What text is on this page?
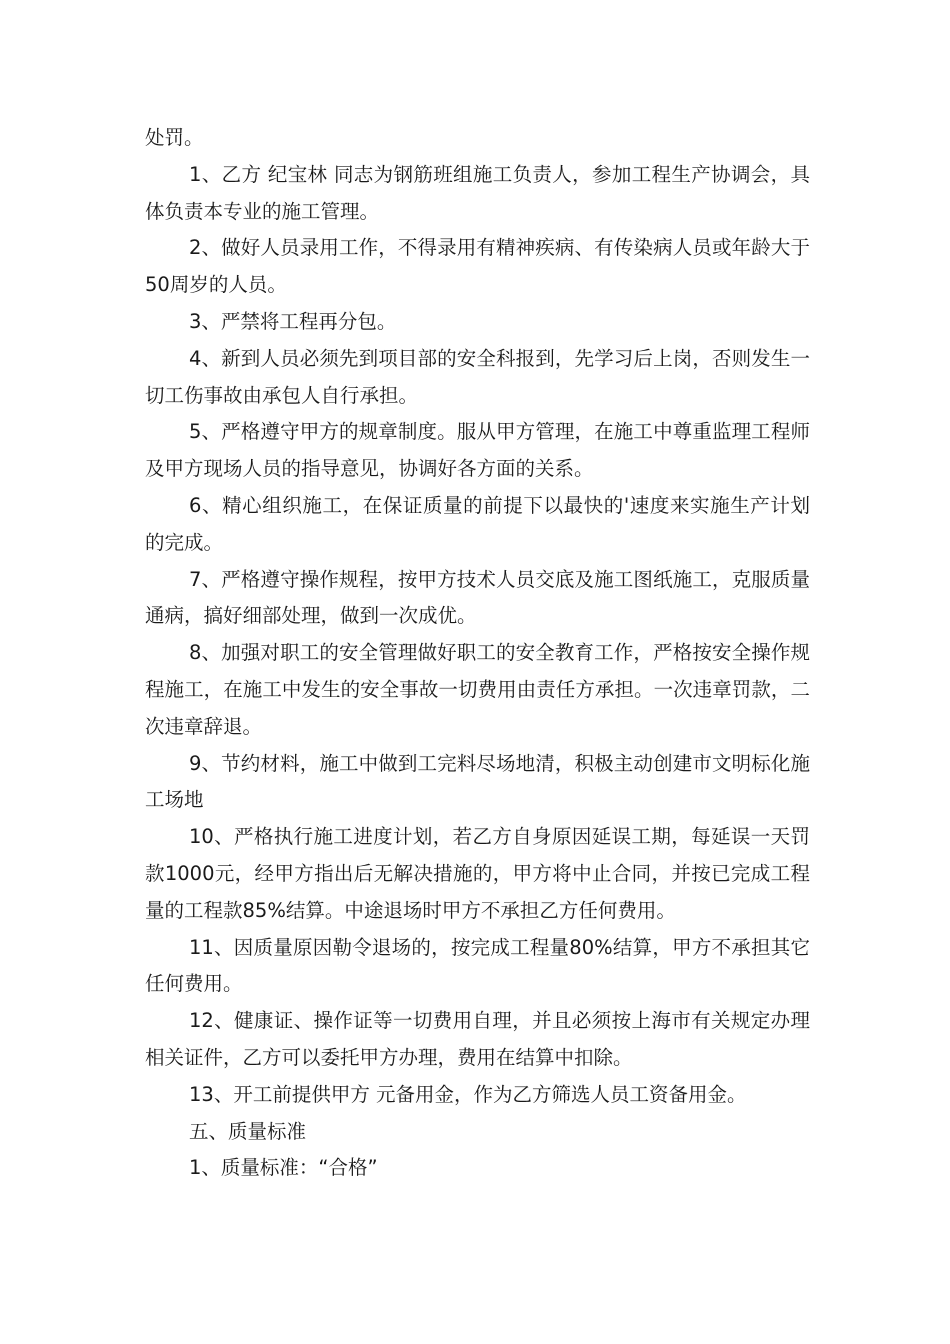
处罚。

1、乙方 纪宝林 同志为钢筋班组施工负责人，参加工程生产协调会，具体负责本专业的施工管理。

2、做好人员录用工作，不得录用有精神疾病、有传染病人员或年龄大于50周岁的人员。

3、严禁将工程再分包。

4、新到人员必须先到项目部的安全科报到，先学习后上岗，否则发生一切工伤事故由承包人自行承担。

5、严格遵守甲方的规章制度。服从甲方管理，在施工中尊重监理工程师及甲方现场人员的指导意见，协调好各方面的关系。

6、精心组织施工，在保证质量的前提下以最快的'速度来实施生产计划的完成。

7、严格遵守操作规程，按甲方技术人员交底及施工图纸施工，克服质量通病，搞好细部处理，做到一次成优。

8、加强对职工的安全管理做好职工的安全教育工作，严格按安全操作规程施工，在施工中发生的安全事故一切费用由责任方承担。一次违章罚款，二次违章辞退。

9、节约材料，施工中做到工完料尽场地清，积极主动创建市文明标化施工场地

10、严格执行施工进度计划，若乙方自身原因延误工期，每延误一天罚款1000元，经甲方指出后无解决措施的，甲方将中止合同，并按已完成工程量的工程款85%结算。中途退场时甲方不承担乙方任何费用。

11、因质量原因勒令退场的，按完成工程量80%结算，甲方不承担其它任何费用。

12、健康证、操作证等一切费用自理，并且必须按上海市有关规定办理相关证件，乙方可以委托甲方办理，费用在结算中扣除。

13、开工前提供甲方 元备用金，作为乙方筛选人员工资备用金。

五、质量标准

1、质量标准：“合格”
